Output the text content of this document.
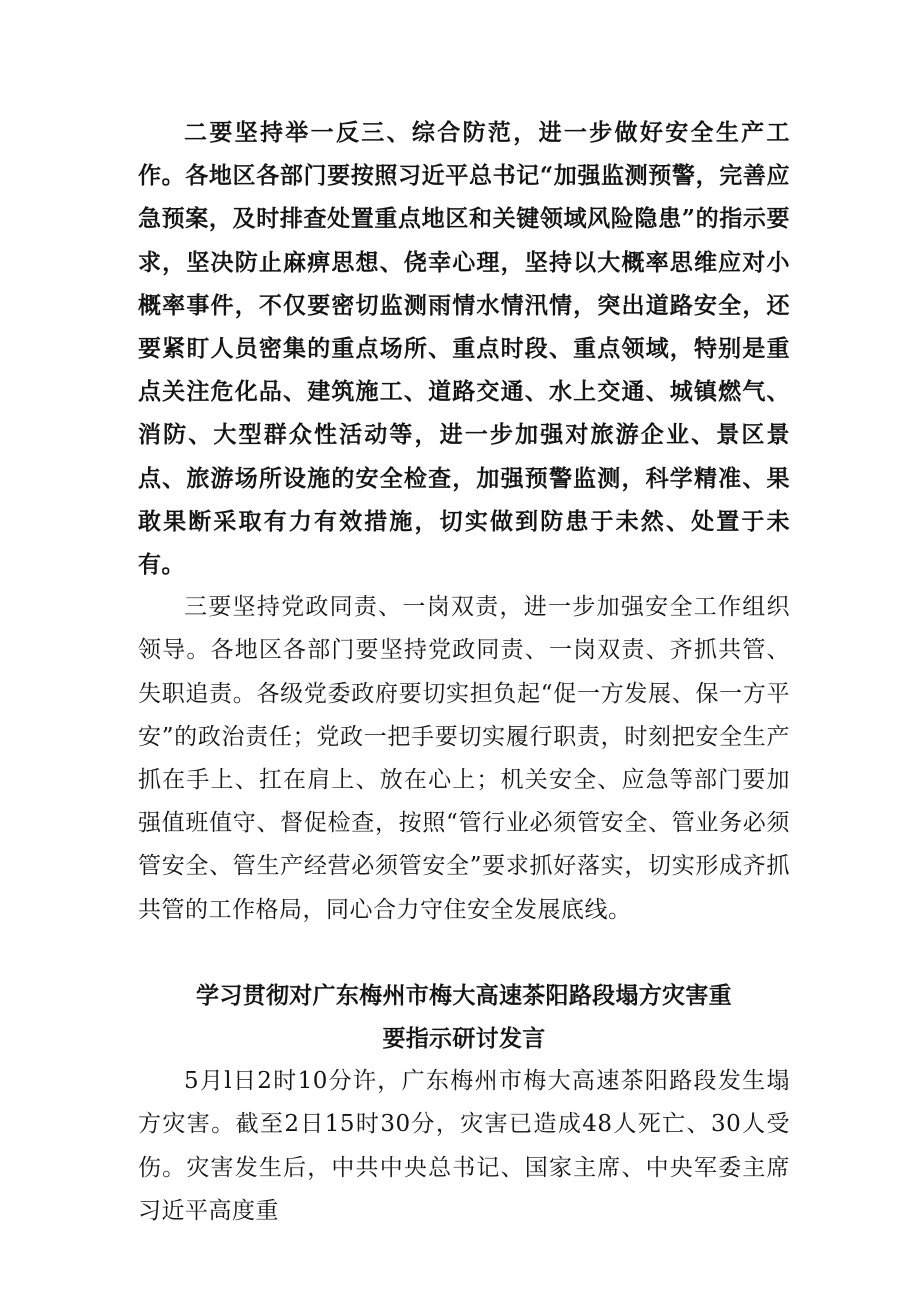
二要坚持举一反三、综合防范，进一步做好安全生产工作。各地区各部门要按照习近平总书记“加强监测预警，完善应急预案，及时排查处置重点地区和关键领域风险隐患”的指示要求，坚决防止麻痹思想、侥幸心理，坚持以大概率思维应对小概率事件，不仅要密切监测雨情水情汛情，突出道路安全，还要紧盯人员密集的重点场所、重点时段、重点领域，特别是重点关注危化品、建筑施工、道路交通、水上交通、城镇燃气、消防、大型群众性活动等，进一步加强对旅游企业、景区景点、旅游场所设施的安全检查，加强预警监测，科学精准、果敢果断采取有力有效措施，切实做到防患于未然、处置于未有。

三要坚持党政同责、一岗双责，进一步加强安全工作组织领导。各地区各部门要坚持党政同责、一岗双责、齐抓共管、失职追责。各级党委政府要切实担负起“促一方发展、保一方平安”的政治责任；党政一把手要切实履行职责，时刻把安全生产抓在手上、扛在肩上、放在心上；机关安全、应急等部门要加强值班值守、督促检查，按照“管行业必须管安全、管业务必须管安全、管生产经营必须管安全”要求抓好落实，切实形成齐抓共管的工作格局，同心合力守住安全发展底线。

学习贯彻对广东梅州市梅大高速茶阳路段塌方灾害重

要指示研讨发言

5月l日2时10分许，广东梅州市梅大高速茶阳路段发生塌方灾害。截至2日15时30分，灾害已造成48人死亡、30人受伤。灾害发生后，中共中央总书记、国家主席、中央军委主席习近平高度重
